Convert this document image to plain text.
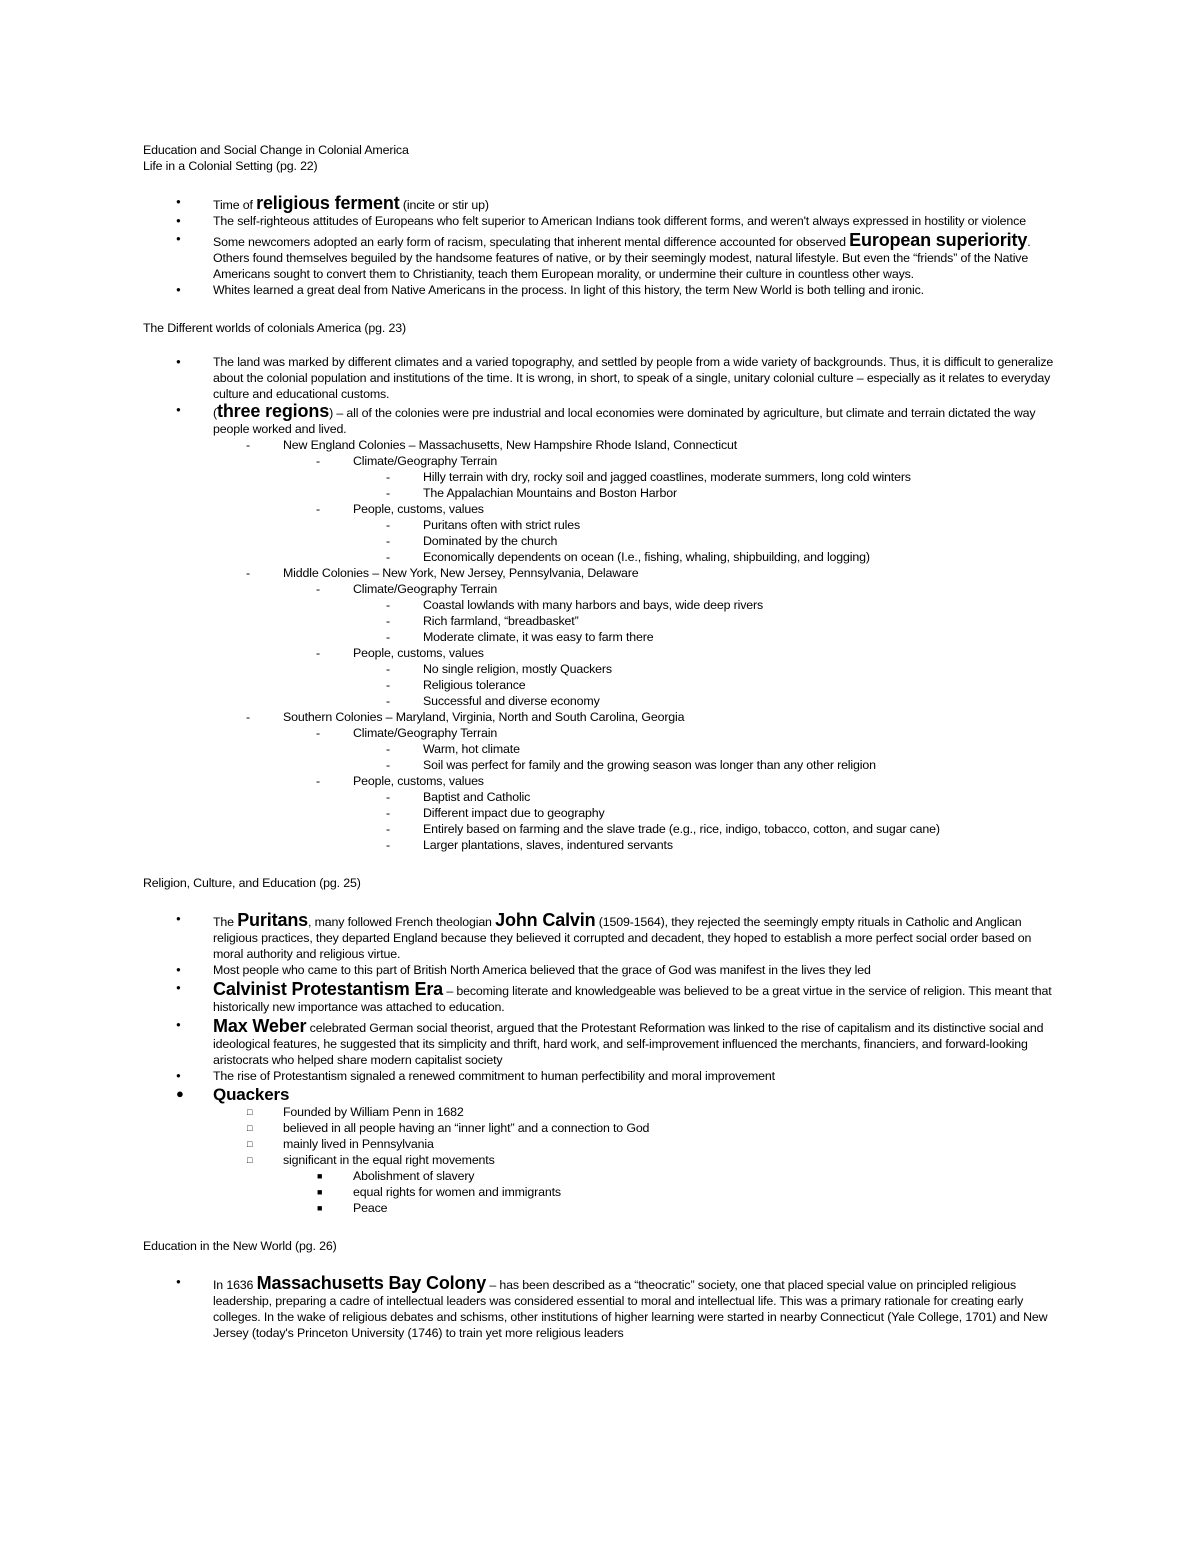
Education and Social Change in Colonial America

Life in a Colonial Setting (pg. 22)

● Time of religious ferment (incite or stir up)
● The self-righteous attitudes of Europeans who felt superior to American Indians took different forms, and weren't always expressed in hostility or violence
● Some newcomers adopted an early form of racism, speculating that inherent mental difference accounted for observed European superiority. Others found themselves beguiled by the handsome features of native, or by their seemingly modest, natural lifestyle. But even the “friends” of the Native Americans sought to convert them to Christianity, teach them European morality, or undermine their culture in countless other ways.
● Whites learned a great deal from Native Americans in the process. In light of this history, the term New World is both telling and ironic.

The Different worlds of colonials America (pg. 23)

● The land was marked by different climates and a varied topography, and settled by people from a wide variety of backgrounds. Thus, it is difficult to generalize about the colonial population and institutions of the time. It is wrong, in short, to speak of a single, unitary colonial culture – especially as it relates to everyday culture and educational customs.
● (three regions) – all of the colonies were pre industrial and local economies were dominated by agriculture, but climate and terrain dictated the way people worked and lived.
- New England Colonies – Massachusetts, New Hampshire Rhode Island, Connecticut
- Climate/Geography Terrain
- Hilly terrain with dry, rocky soil and jagged coastlines, moderate summers, long cold winters
- The Appalachian Mountains and Boston Harbor
- People, customs, values
- Puritans often with strict rules
- Dominated by the church
- Economically dependents on ocean (I.e., fishing, whaling, shipbuilding, and logging)
- Middle Colonies – New York, New Jersey, Pennsylvania, Delaware
- Climate/Geography Terrain
- Coastal lowlands with many harbors and bays, wide deep rivers
- Rich farmland, “breadbasket”
- Moderate climate, it was easy to farm there
- People, customs, values
- No single religion, mostly Quackers
- Religious tolerance
- Successful and diverse economy
- Southern Colonies – Maryland, Virginia, North and South Carolina, Georgia
- Climate/Geography Terrain
- Warm, hot climate
- Soil was perfect for family and the growing season was longer than any other religion
- People, customs, values
- Baptist and Catholic
- Different impact due to geography
- Entirely based on farming and the slave trade (e.g., rice, indigo, tobacco, cotton, and sugar cane)
- Larger plantations, slaves, indentured servants

Religion, Culture, and Education (pg. 25)

● The Puritans, many followed French theologian John Calvin (1509-1564), they rejected the seemingly empty rituals in Catholic and Anglican religious practices, they departed England because they believed it corrupted and decadent, they hoped to establish a more perfect social order based on moral authority and religious virtue.
● Most people who came to this part of British North America believed that the grace of God was manifest in the lives they led
● Calvinist Protestantism Era – becoming literate and knowledgeable was believed to be a great virtue in the service of religion. This meant that historically new importance was attached to education.
● Max Weber celebrated German social theorist, argued that the Protestant Reformation was linked to the rise of capitalism and its distinctive social and ideological features, he suggested that its simplicity and thrift, hard work, and self-improvement influenced the merchants, financiers, and forward-looking aristocrats who helped share modern capitalist society
● The rise of Protestantism signaled a renewed commitment to human perfectibility and moral improvement
● Quackers
□ Founded by William Penn in 1682
□ believed in all people having an “inner light” and a connection to God
□ mainly lived in Pennsylvania
□ significant in the equal right movements
■ Abolishment of slavery
■ equal rights for women and immigrants
■ Peace

Education in the New World (pg. 26)

● In 1636 Massachusetts Bay Colony – has been described as a “theocratic” society, one that placed special value on principled religious leadership, preparing a cadre of intellectual leaders was considered essential to moral and intellectual life. This was a primary rationale for creating early colleges. In the wake of religious debates and schisms, other institutions of higher learning were started in nearby Connecticut (Yale College, 1701) and New Jersey (today's Princeton University (1746) to train yet more religious leaders
